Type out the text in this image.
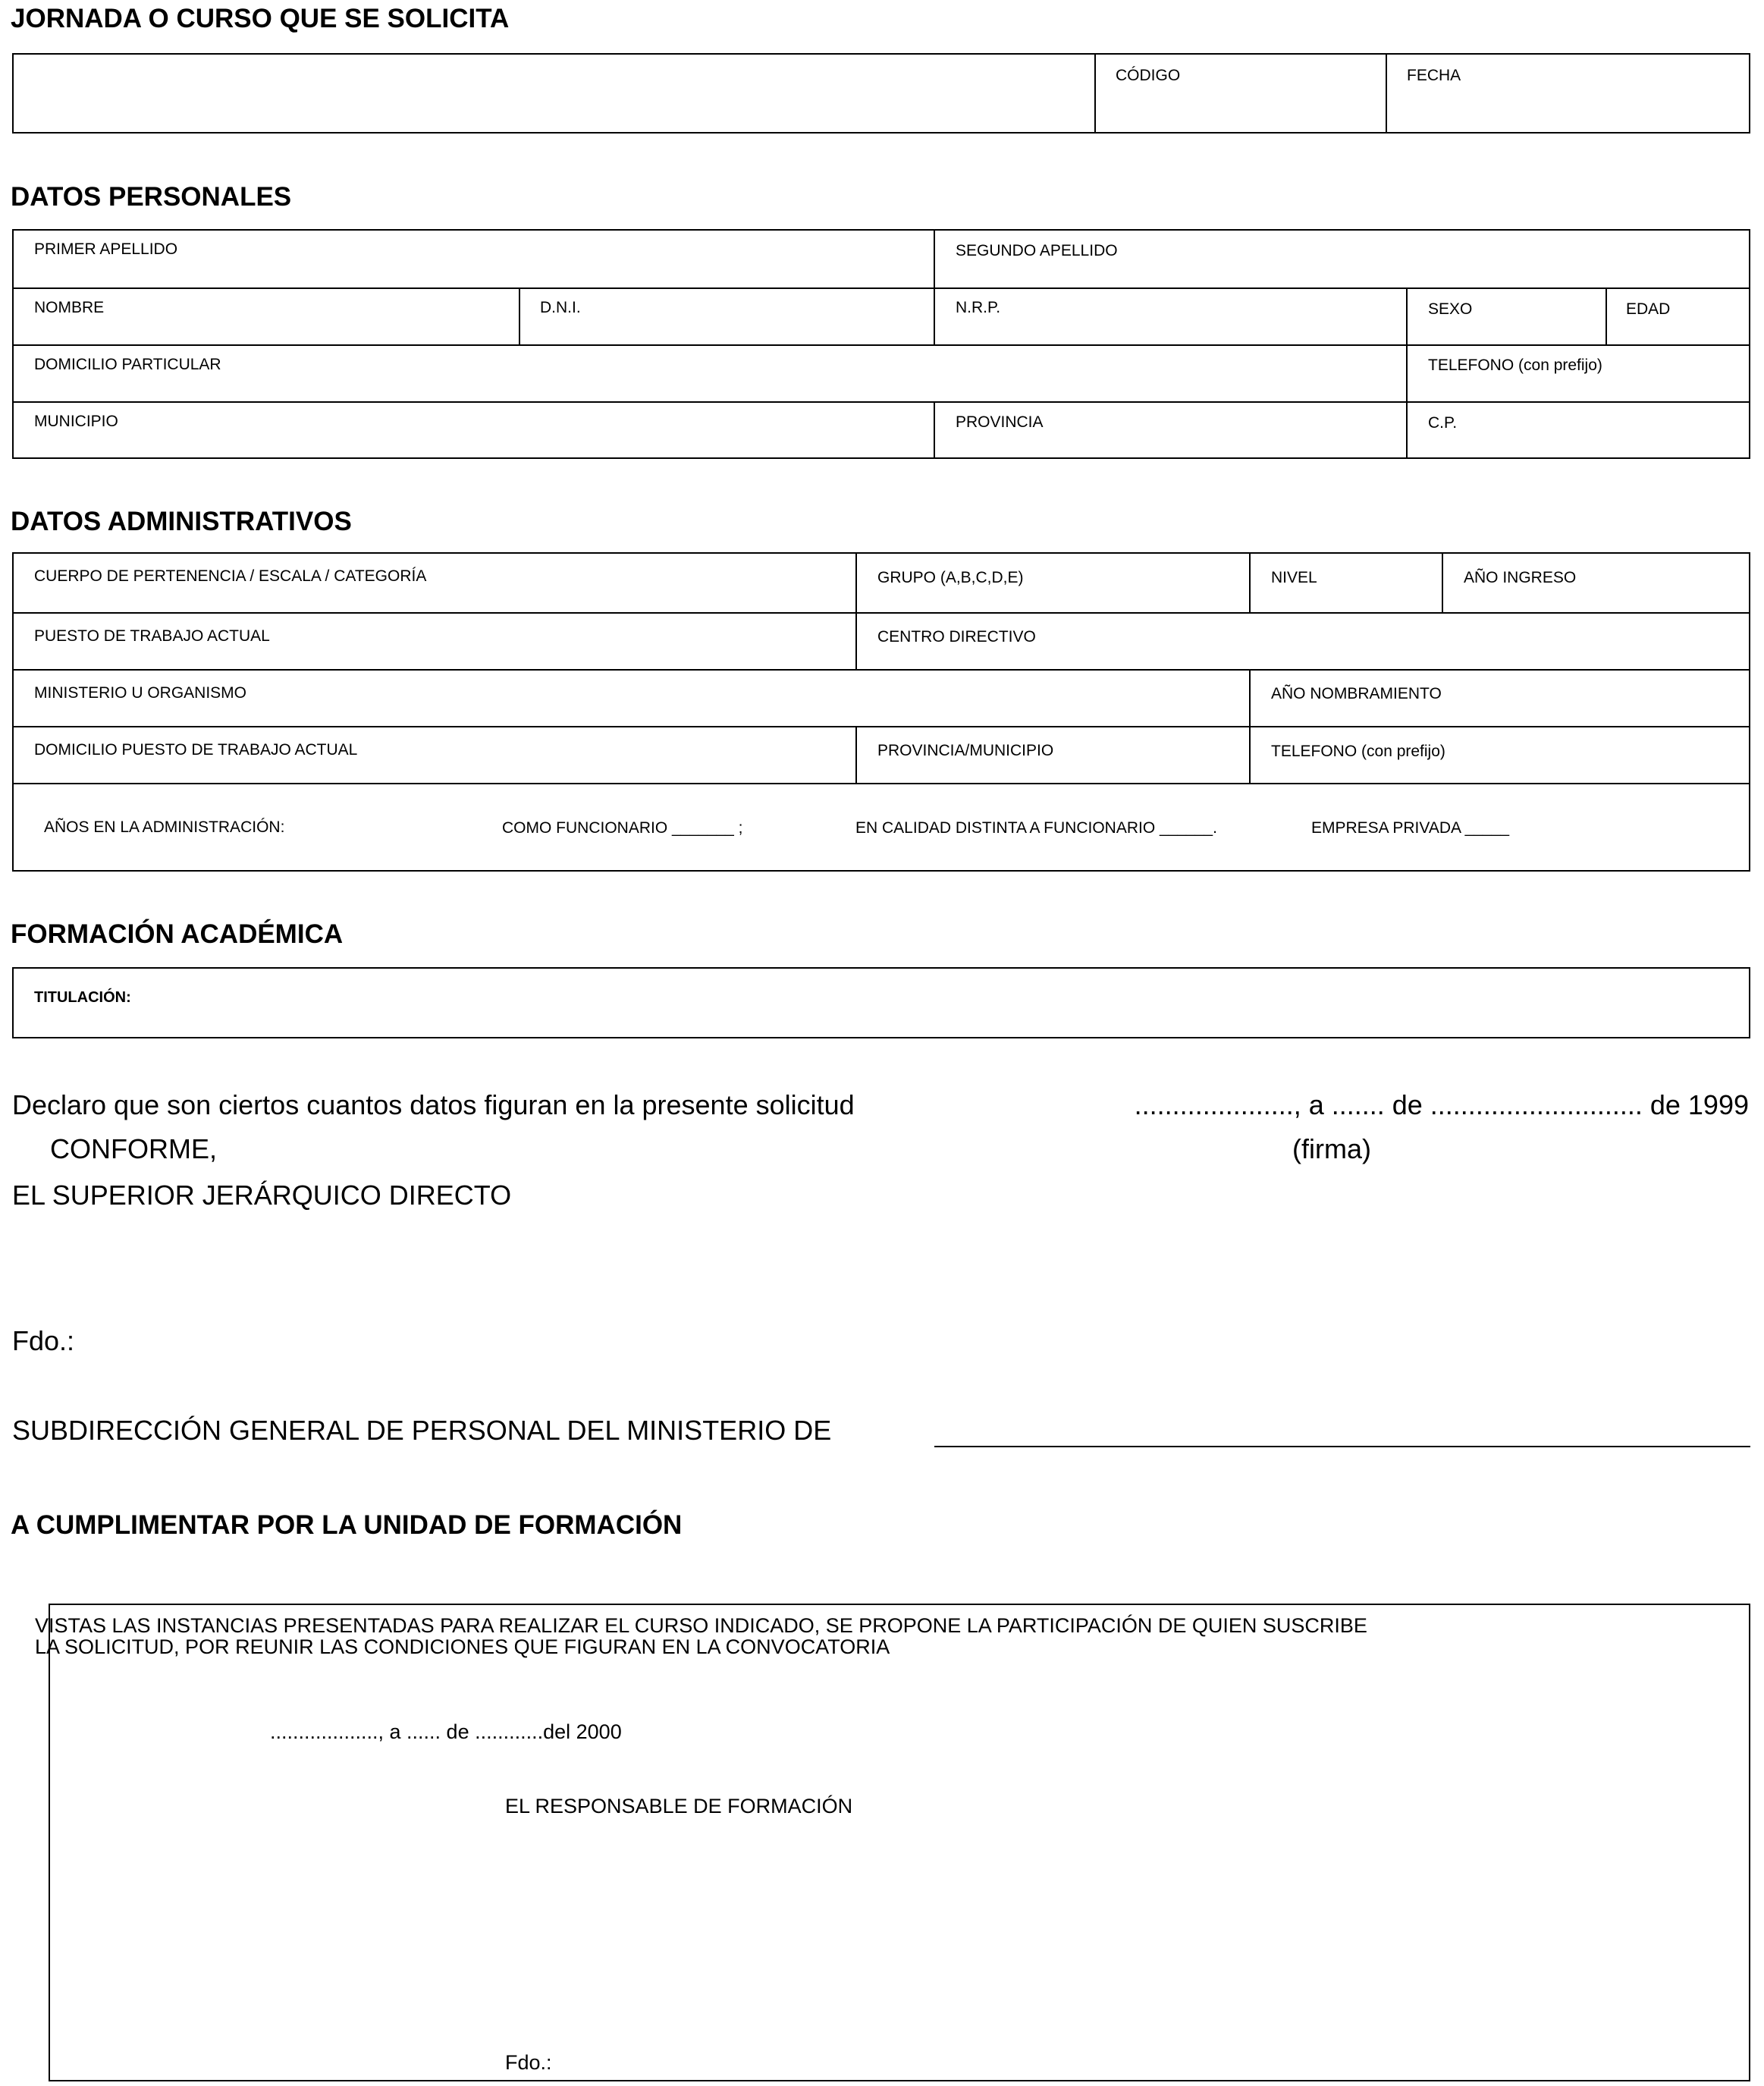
JORNADA O CURSO QUE SE SOLICITA
CÓDIGO	FECHA
DATOS PERSONALES
PRIMER APELLIDO	SEGUNDO APELLIDO
NOMBRE	D.N.I.	N.R.P.	SEXO	EDAD
DOMICILIO PARTICULAR	TELEFONO (con prefijo)
MUNICIPIO	PROVINCIA	C.P.
DATOS ADMINISTRATIVOS
CUERPO DE PERTENENCIA / ESCALA / CATEGORÍA	GRUPO (A,B,C,D,E)	NIVEL	AÑO INGRESO
PUESTO DE TRABAJO ACTUAL	CENTRO DIRECTIVO
MINISTERIO U ORGANISMO	AÑO NOMBRAMIENTO
DOMICILIO PUESTO DE TRABAJO ACTUAL	PROVINCIA/MUNICIPIO	TELEFONO (con prefijo)
AÑOS EN LA ADMINISTRACIÓN:	COMO FUNCIONARIO _______ ;	EN CALIDAD DISTINTA A FUNCIONARIO ______.	EMPRESA PRIVADA _____
FORMACIÓN ACADÉMICA
TITULACIÓN:
Declaro que son ciertos cuantos datos figuran en la presente solicitud	....................., a ....... de ............................ de 1999
CONFORME,	(firma)
EL SUPERIOR JERÁRQUICO DIRECTO
Fdo.:
SUBDIRECCIÓN GENERAL DE PERSONAL DEL MINISTERIO DE
A CUMPLIMENTAR POR LA UNIDAD DE FORMACIÓN
VISTAS LAS INSTANCIAS PRESENTADAS PARA REALIZAR EL CURSO INDICADO, SE PROPONE LA PARTICIPACIÓN DE QUIEN SUSCRIBE
LA SOLICITUD, POR REUNIR LAS CONDICIONES QUE FIGURAN EN LA CONVOCATORIA
..................., a ...... de ............del 2000
EL RESPONSABLE DE FORMACIÓN
Fdo.:
